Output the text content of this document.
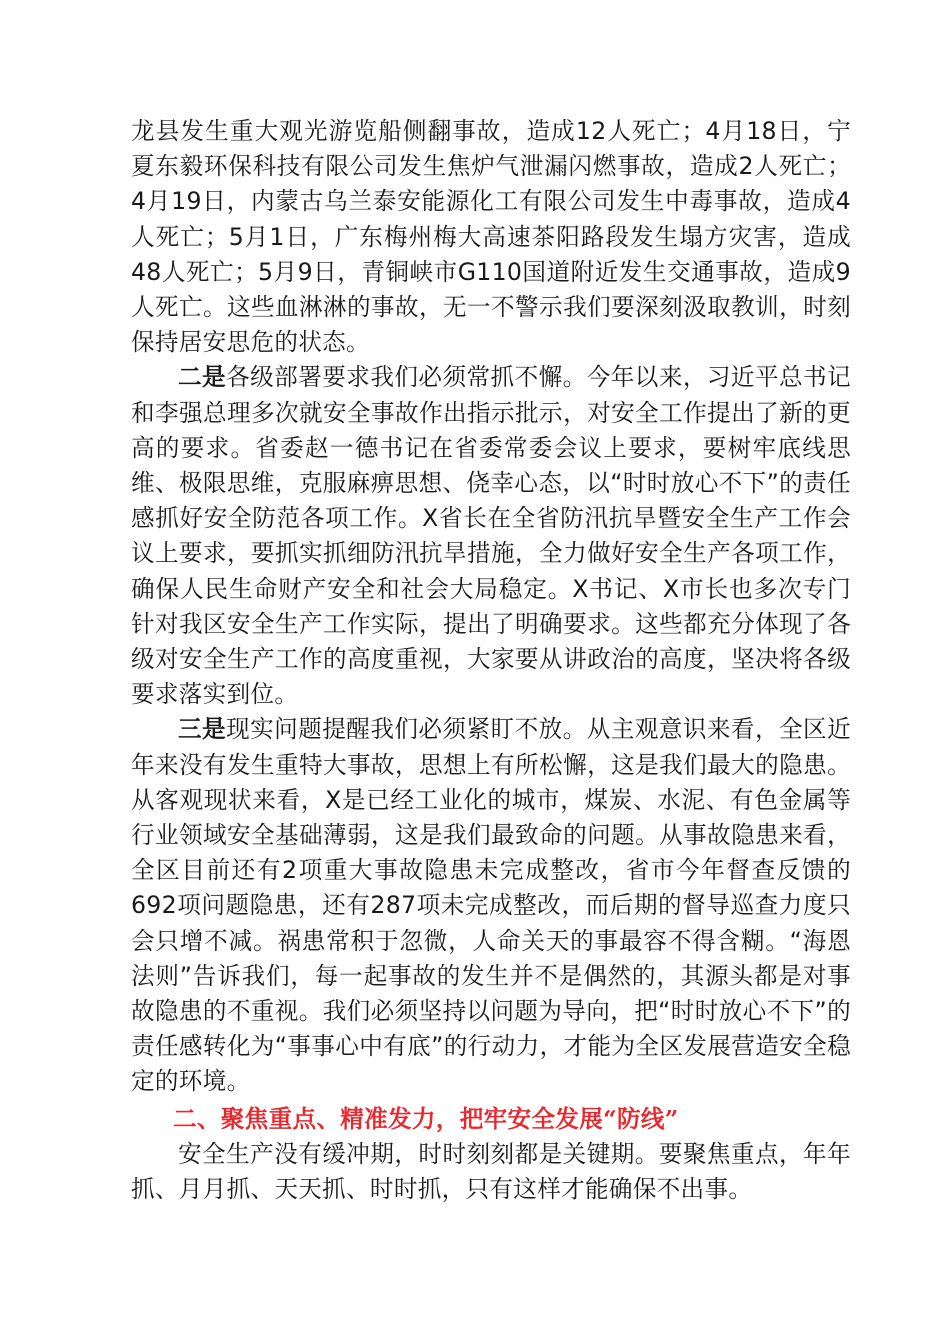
龙县发生重大观光游览船侧翻事故，造成12人死亡；4月18日，宁夏东毅环保科技有限公司发生焦炉气泄漏闪燃事故，造成2人死亡；4月19日，内蒙古乌兰泰安能源化工有限公司发生中毒事故，造成4人死亡；5月1日，广东梅州梅大高速茶阳路段发生塌方灾害，造成48人死亡；5月9日，青铜峡市G110国道附近发生交通事故，造成9人死亡。这些血淋淋的事故，无一不警示我们要深刻汲取教训，时刻保持居安思危的状态。

二是各级部署要求我们必须常抓不懈。今年以来，习近平总书记和李强总理多次就安全事故作出指示批示，对安全工作提出了新的更高的要求。省委赵一德书记在省委常委会议上要求，要树牢底线思维、极限思维，克服麻痹思想、侥幸心态，以“时时放心不下”的责任感抓好安全防范各项工作。X省长在全省防汛抗旱暨安全生产工作会议上要求，要抓实抓细防汛抗旱措施，全力做好安全生产各项工作，确保人民生命财产安全和社会大局稳定。X书记、X市长也多次专门针对我区安全生产工作实际，提出了明确要求。这些都充分体现了各级对安全生产工作的高度重视，大家要从讲政治的高度，坚决将各级要求落实到位。

三是现实问题提醒我们必须紧盯不放。从主观意识来看，全区近年来没有发生重特大事故，思想上有所松懈，这是我们最大的隐患。从客观现状来看，X是已经工业化的城市，煤炭、水泥、有色金属等行业领域安全基础薄弱，这是我们最致命的问题。从事故隐患来看，全区目前还有2项重大事故隐患未完成整改，省市今年督查反馈的692项问题隐患，还有287项未完成整改，而后期的督导巡查力度只会只增不减。祸患常积于忽微，人命关天的事最容不得含糊。“海恩法则”告诉我们，每一起事故的发生并不是偶然的，其源头都是对事故隐患的不重视。我们必须坚持以问题为导向，把“时时放心不下”的责任感转化为“事事心中有底”的行动力，才能为全区发展营造安全稳定的环境。

二、聚焦重点、精准发力，把牢安全发展“防线”

安全生产没有缓冲期，时时刻刻都是关键期。要聚焦重点，年年抓、月月抓、天天抓、时时抓，只有这样才能确保不出事。
